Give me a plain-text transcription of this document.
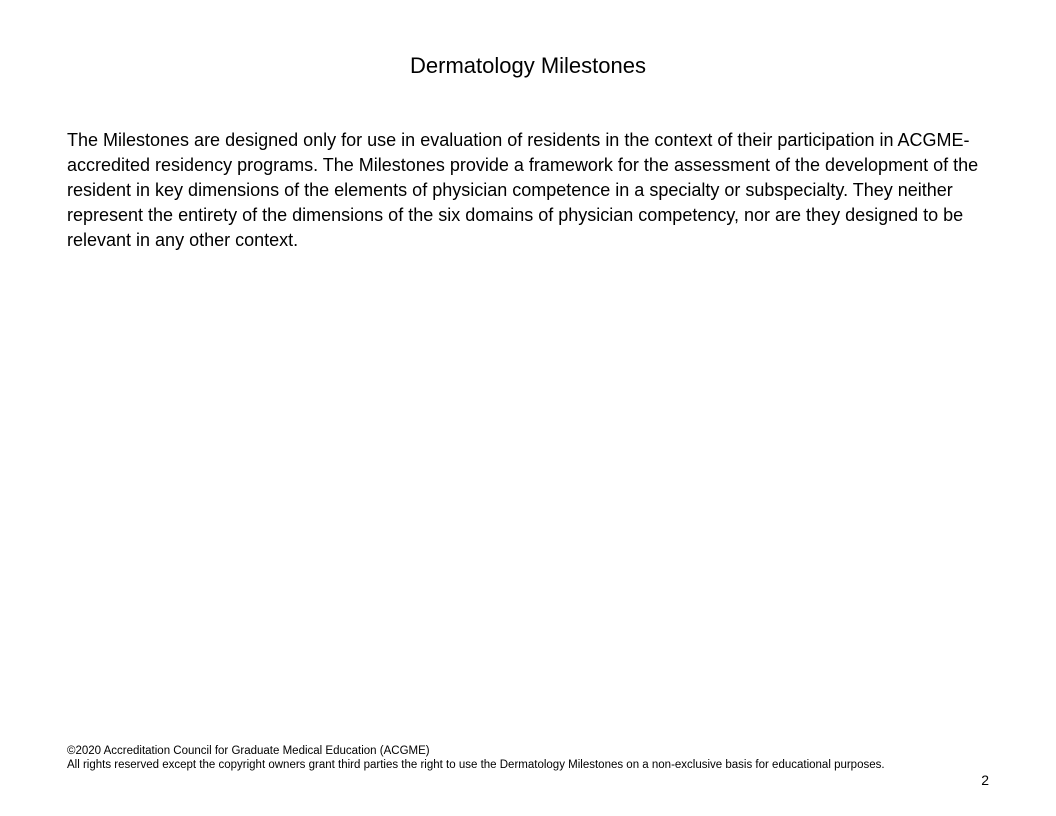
Dermatology Milestones

The Milestones are designed only for use in evaluation of residents in the context of their participation in ACGME-accredited residency programs. The Milestones provide a framework for the assessment of the development of the resident in key dimensions of the elements of physician competence in a specialty or subspecialty. They neither represent the entirety of the dimensions of the six domains of physician competency, nor are they designed to be relevant in any other context.

©2020 Accreditation Council for Graduate Medical Education (ACGME)
All rights reserved except the copyright owners grant third parties the right to use the Dermatology Milestones on a non-exclusive basis for educational purposes.
2
